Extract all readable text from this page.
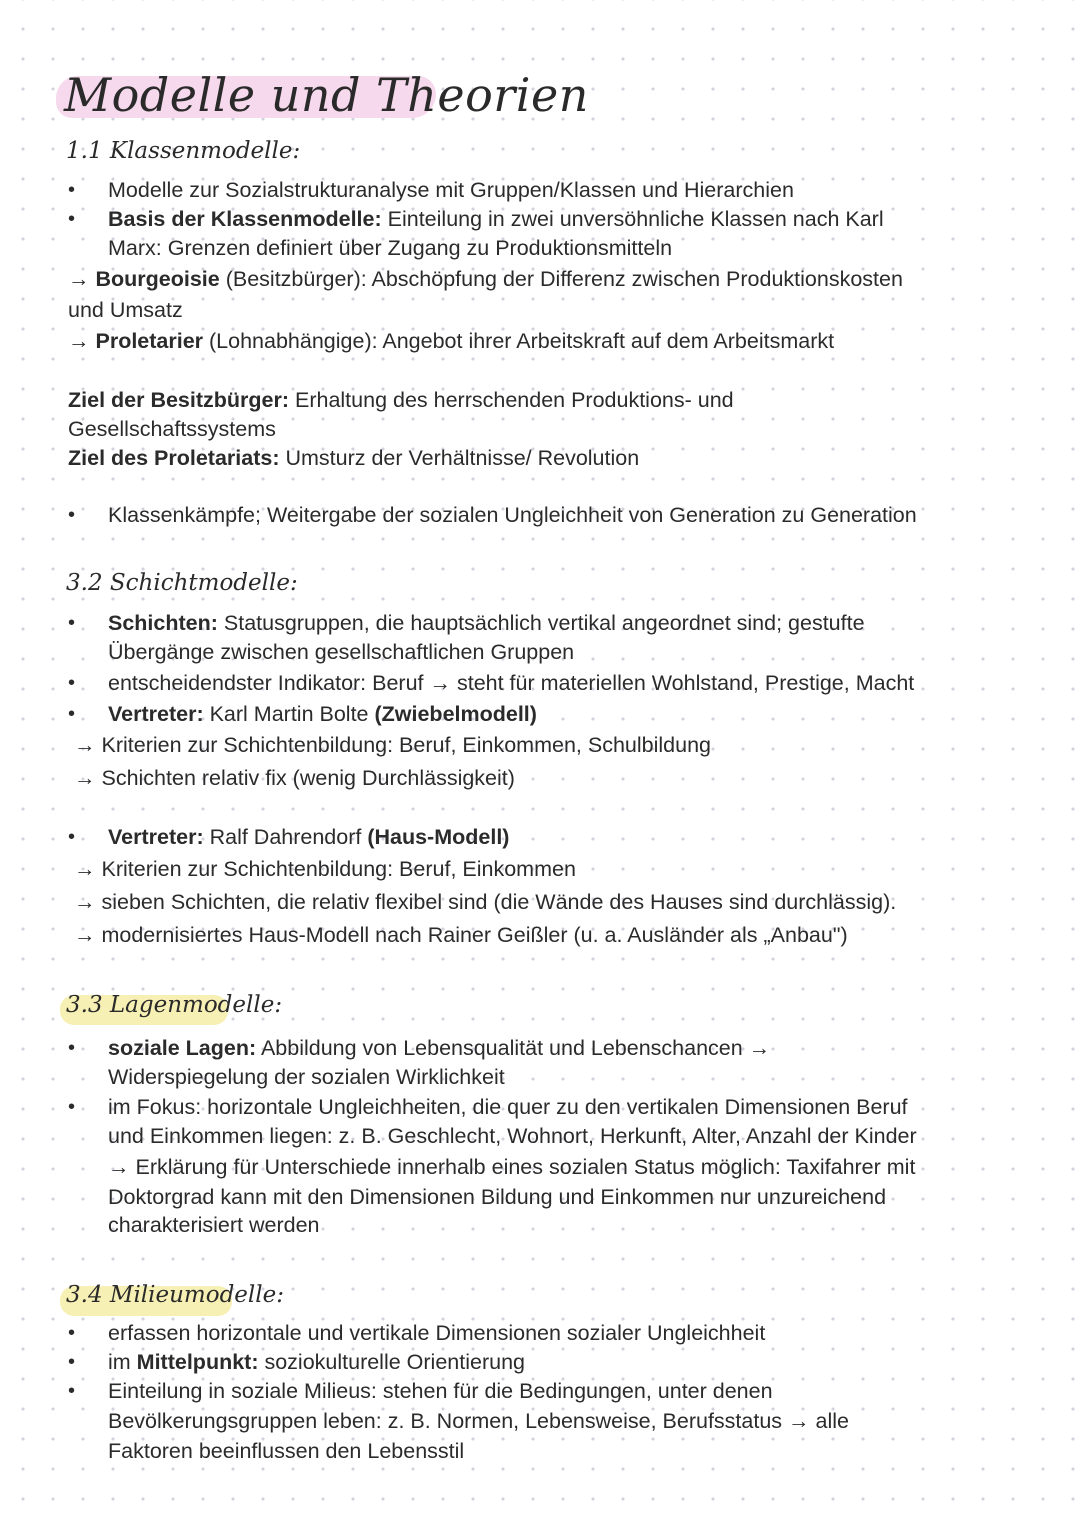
Modelle und Theorien
1.1 Klassenmodelle:
• Modelle zur Sozialstrukturanalyse mit Gruppen/Klassen und Hierarchien
• Basis der Klassenmodelle: Einteilung in zwei unversöhnliche Klassen nach Karl
Marx: Grenzen definiert über Zugang zu Produktionsmitteln
→ Bourgeoisie (Besitzbürger): Abschöpfung der Differenz zwischen Produktionskosten
und Umsatz
→ Proletarier (Lohnabhängige): Angebot ihrer Arbeitskraft auf dem Arbeitsmarkt
Ziel der Besitzbürger: Erhaltung des herrschenden Produktions- und
Gesellschaftssystems
Ziel des Proletariats: Umsturz der Verhältnisse/ Revolution
• Klassenkämpfe; Weitergabe der sozialen Ungleichheit von Generation zu Generation
3.2 Schichtmodelle:
• Schichten: Statusgruppen, die hauptsächlich vertikal angeordnet sind; gestufte
Übergänge zwischen gesellschaftlichen Gruppen
• entscheidendster Indikator: Beruf → steht für materiellen Wohlstand, Prestige, Macht
• Vertreter: Karl Martin Bolte (Zwiebelmodell)
→ Kriterien zur Schichtenbildung: Beruf, Einkommen, Schulbildung
→ Schichten relativ fix (wenig Durchlässigkeit)
• Vertreter: Ralf Dahrendorf (Haus-Modell)
→ Kriterien zur Schichtenbildung: Beruf, Einkommen
→ sieben Schichten, die relativ flexibel sind (die Wände des Hauses sind durchlässig).
→ modernisiertes Haus-Modell nach Rainer Geißler (u. a. Ausländer als „Anbau")
3.3 Lagenmodelle:
• soziale Lagen: Abbildung von Lebensqualität und Lebenschancen →
Widerspiegelung der sozialen Wirklichkeit
• im Fokus: horizontale Ungleichheiten, die quer zu den vertikalen Dimensionen Beruf
und Einkommen liegen: z. B. Geschlecht, Wohnort, Herkunft, Alter, Anzahl der Kinder
→ Erklärung für Unterschiede innerhalb eines sozialen Status möglich: Taxifahrer mit
Doktorgrad kann mit den Dimensionen Bildung und Einkommen nur unzureichend
charakterisiert werden
3.4 Milieumodelle:
• erfassen horizontale und vertikale Dimensionen sozialer Ungleichheit
• im Mittelpunkt: soziokulturelle Orientierung
• Einteilung in soziale Milieus: stehen für die Bedingungen, unter denen
Bevölkerungsgruppen leben: z. B. Normen, Lebensweise, Berufsstatus → alle
Faktoren beeinflussen den Lebensstil
